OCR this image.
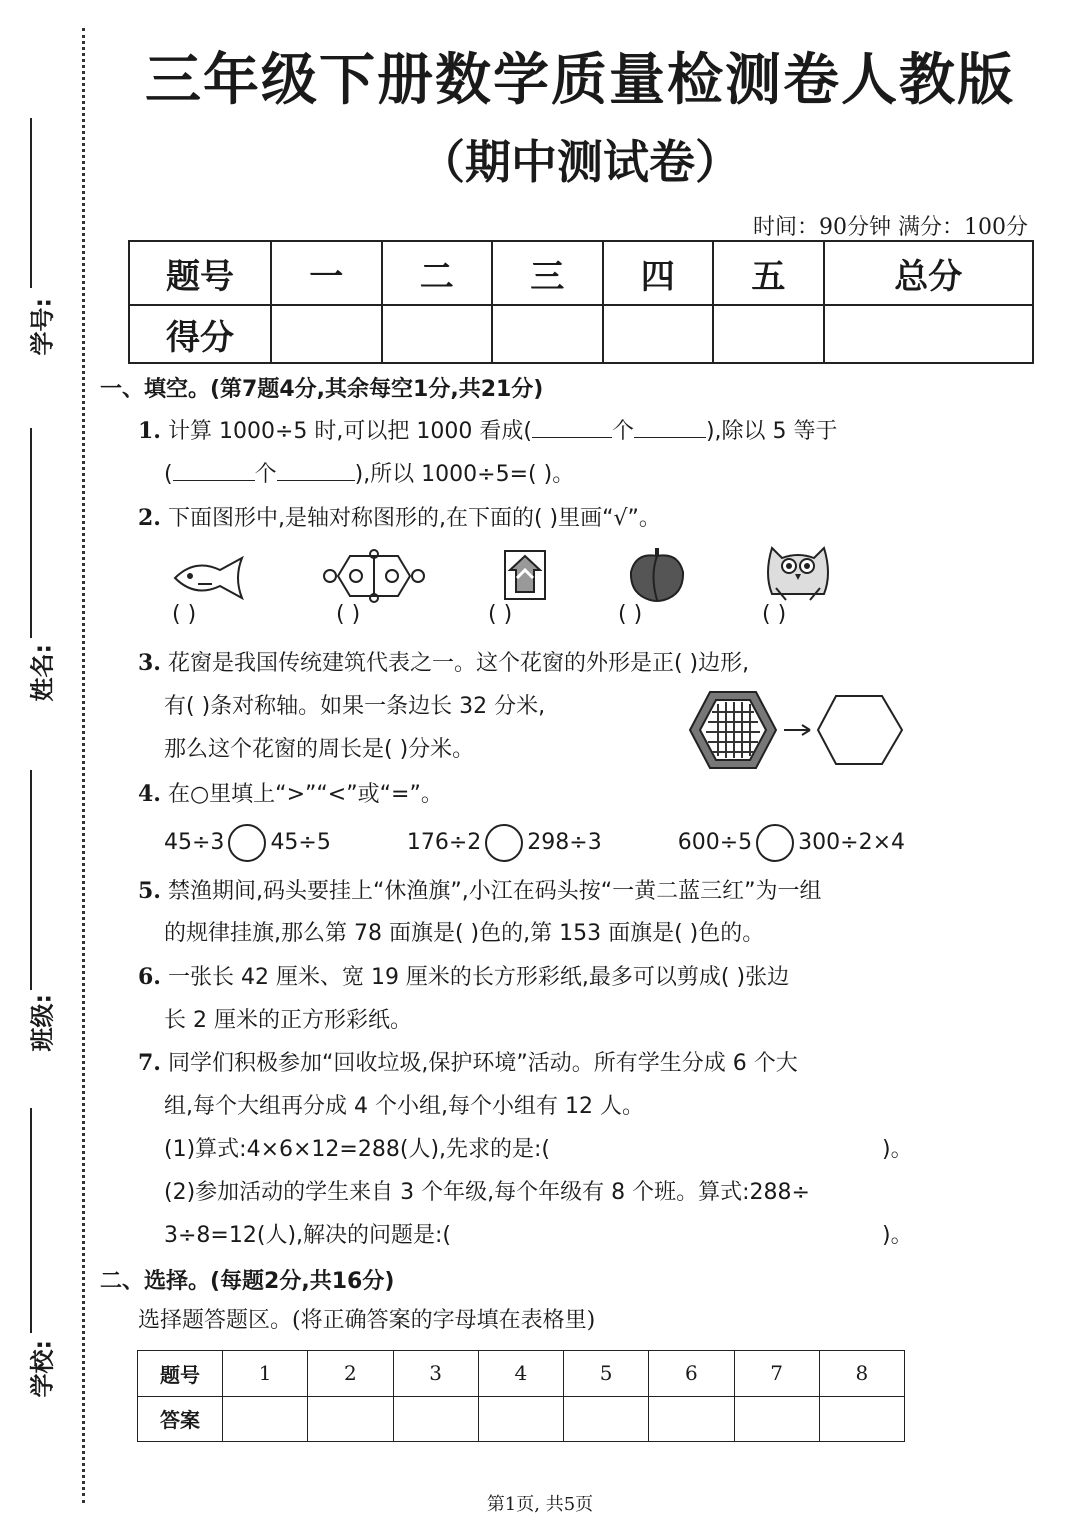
学号:
姓名:
班级:
学校:
三年级下册数学质量检测卷人教版
（期中测试卷）
时间：90分钟 满分：100分
题号	一	二	三	四	五	总分
得分						
一、填空。(第7题4分,其余每空1分,共21分)
1. 计算 1000÷5 时,可以把 1000 看成(	个	),除以 5 等于
(	个	),所以 1000÷5=( )。
2. 下面图形中,是轴对称图形的,在下面的( )里画“√”。
( )	( )	( )	( )	( )
3. 花窗是我国传统建筑代表之一。这个花窗的外形是正( )边形,
有( )条对称轴。如果一条边长 32 分米,
那么这个花窗的周长是( )分米。
4. 在○里填上“>”“<”或“=”。
45÷3 45÷5	176÷2 298÷3	600÷5 300÷2×4
5. 禁渔期间,码头要挂上“休渔旗”,小江在码头按“一黄二蓝三红”为一组
的规律挂旗,那么第 78 面旗是( )色的,第 153 面旗是( )色的。
6. 一张长 42 厘米、宽 19 厘米的长方形彩纸,最多可以剪成( )张边
长 2 厘米的正方形彩纸。
7. 同学们积极参加“回收垃圾,保护环境”活动。所有学生分成 6 个大
组,每个大组再分成 4 个小组,每个小组有 12 人。
(1)算式:4×6×12=288(人),先求的是:(	)。
(2)参加活动的学生来自 3 个年级,每个年级有 8 个班。算式:288÷
3÷8=12(人),解决的问题是:(	)。
二、选择。(每题2分,共16分)
选择题答题区。(将正确答案的字母填在表格里)
题号	1	2	3	4	5	6	7	8
答案								
第1页, 共5页
